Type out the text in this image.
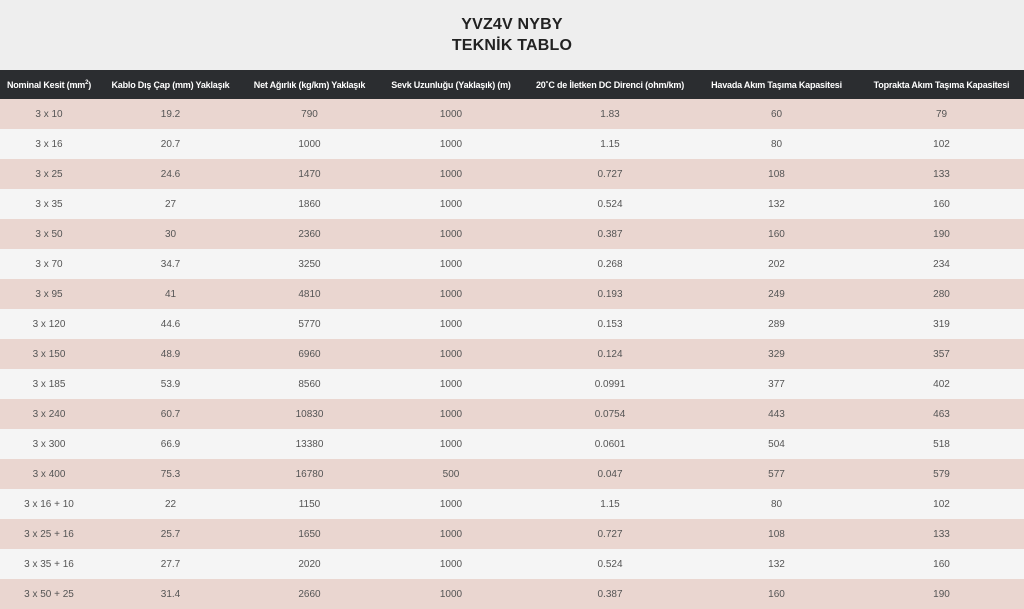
YVZ4V NYBY
TEKNİK TABLO
Nominal Kesit $(mm^2)$	Kablo Dış Çap (mm) Yaklaşık	Net Ağırlık (kg/km) Yaklaşık	Sevk Uzunluğu (Yaklaşık) (m)	20˚C de İletken DC Direnci (ohm/km)	Havada Akım Taşıma Kapasitesi	Toprakta Akım Taşıma Kapasitesi
3 x 10	19.2	790	1000	1.83	60	79
3 x 16	20.7	1000	1000	1.15	80	102
3 x 25	24.6	1470	1000	0.727	108	133
3 x 35	27	1860	1000	0.524	132	160
3 x 50	30	2360	1000	0.387	160	190
3 x 70	34.7	3250	1000	0.268	202	234
3 x 95	41	4810	1000	0.193	249	280
3 x 120	44.6	5770	1000	0.153	289	319
3 x 150	48.9	6960	1000	0.124	329	357
3 x 185	53.9	8560	1000	0.0991	377	402
3 x 240	60.7	10830	1000	0.0754	443	463
3 x 300	66.9	13380	1000	0.0601	504	518
3 x 400	75.3	16780	500	0.047	577	579
3 x 16 + 10	22	1150	1000	1.15	80	102
3 x 25 + 16	25.7	1650	1000	0.727	108	133
3 x 35 + 16	27.7	2020	1000	0.524	132	160
3 x 50 + 25	31.4	2660	1000	0.387	160	190
